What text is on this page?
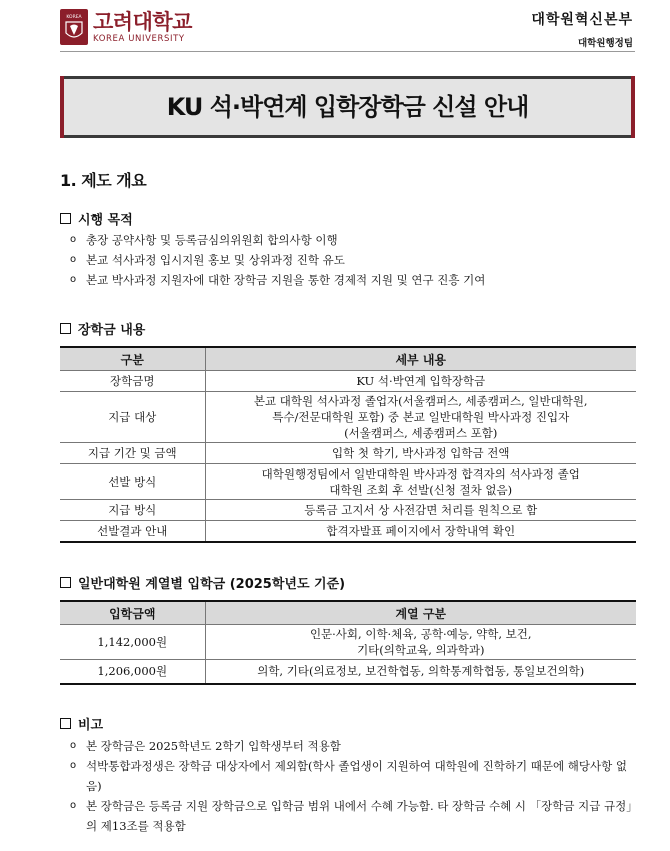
KOREA 고려대학교
KOREA UNIVERSITY
대학원혁신본부
대학원행정팀
KU 석·박연계 입학장학금 신설 안내
1. 제도 개요
시행 목적
o 총장 공약사항 및 등록금심의위원회 합의사항 이행
o 본교 석사과정 입시지원 홍보 및 상위과정 진학 유도
o 본교 박사과정 지원자에 대한 장학금 지원을 통한 경제적 지원 및 연구 진흥 기여
장학금 내용
구분	세부 내용
장학금명	KU 석·박연계 입학장학금

지급 대상	본교 대학원 석사과정 졸업자(서울캠퍼스, 세종캠퍼스, 일반대학원,
특수/전문대학원 포함) 중 본교 일반대학원 박사과정 진입자
(서울캠퍼스, 세종캠퍼스 포함)

지급 기간 및 금액	입학 첫 학기, 박사과정 입학금 전액

선발 방식	대학원행정팀에서 일반대학원 박사과정 합격자의 석사과정 졸업
대학원 조회 후 선발(신청 절차 없음)

지급 방식	등록금 고지서 상 사전감면 처리를 원칙으로 함

선발결과 안내	합격자발표 페이지에서 장학내역 확인
일반대학원 계열별 입학금 (2025학년도 기준)
입학금액	계열 구분
1,142,000원	인문·사회, 이학·체육, 공학·예능, 약학, 보건,
기타(의학교육, 의과학과)

1,206,000원	의학, 기타(의료정보, 보건학협동, 의학통계학협동, 통일보건의학)
비고
o 본 장학금은 2025학년도 2학기 입학생부터 적용함
o 석박통합과정생은 장학금 대상자에서 제외함(학사 졸업생이 지원하여 대학원에 진학하기 때문에 해당사항 없음)
o 본 장학금은 등록금 지원 장학금으로 입학금 범위 내에서 수혜 가능함. 타 장학금 수혜 시 「장학금 지급 규정」의 제13조를 적용함
